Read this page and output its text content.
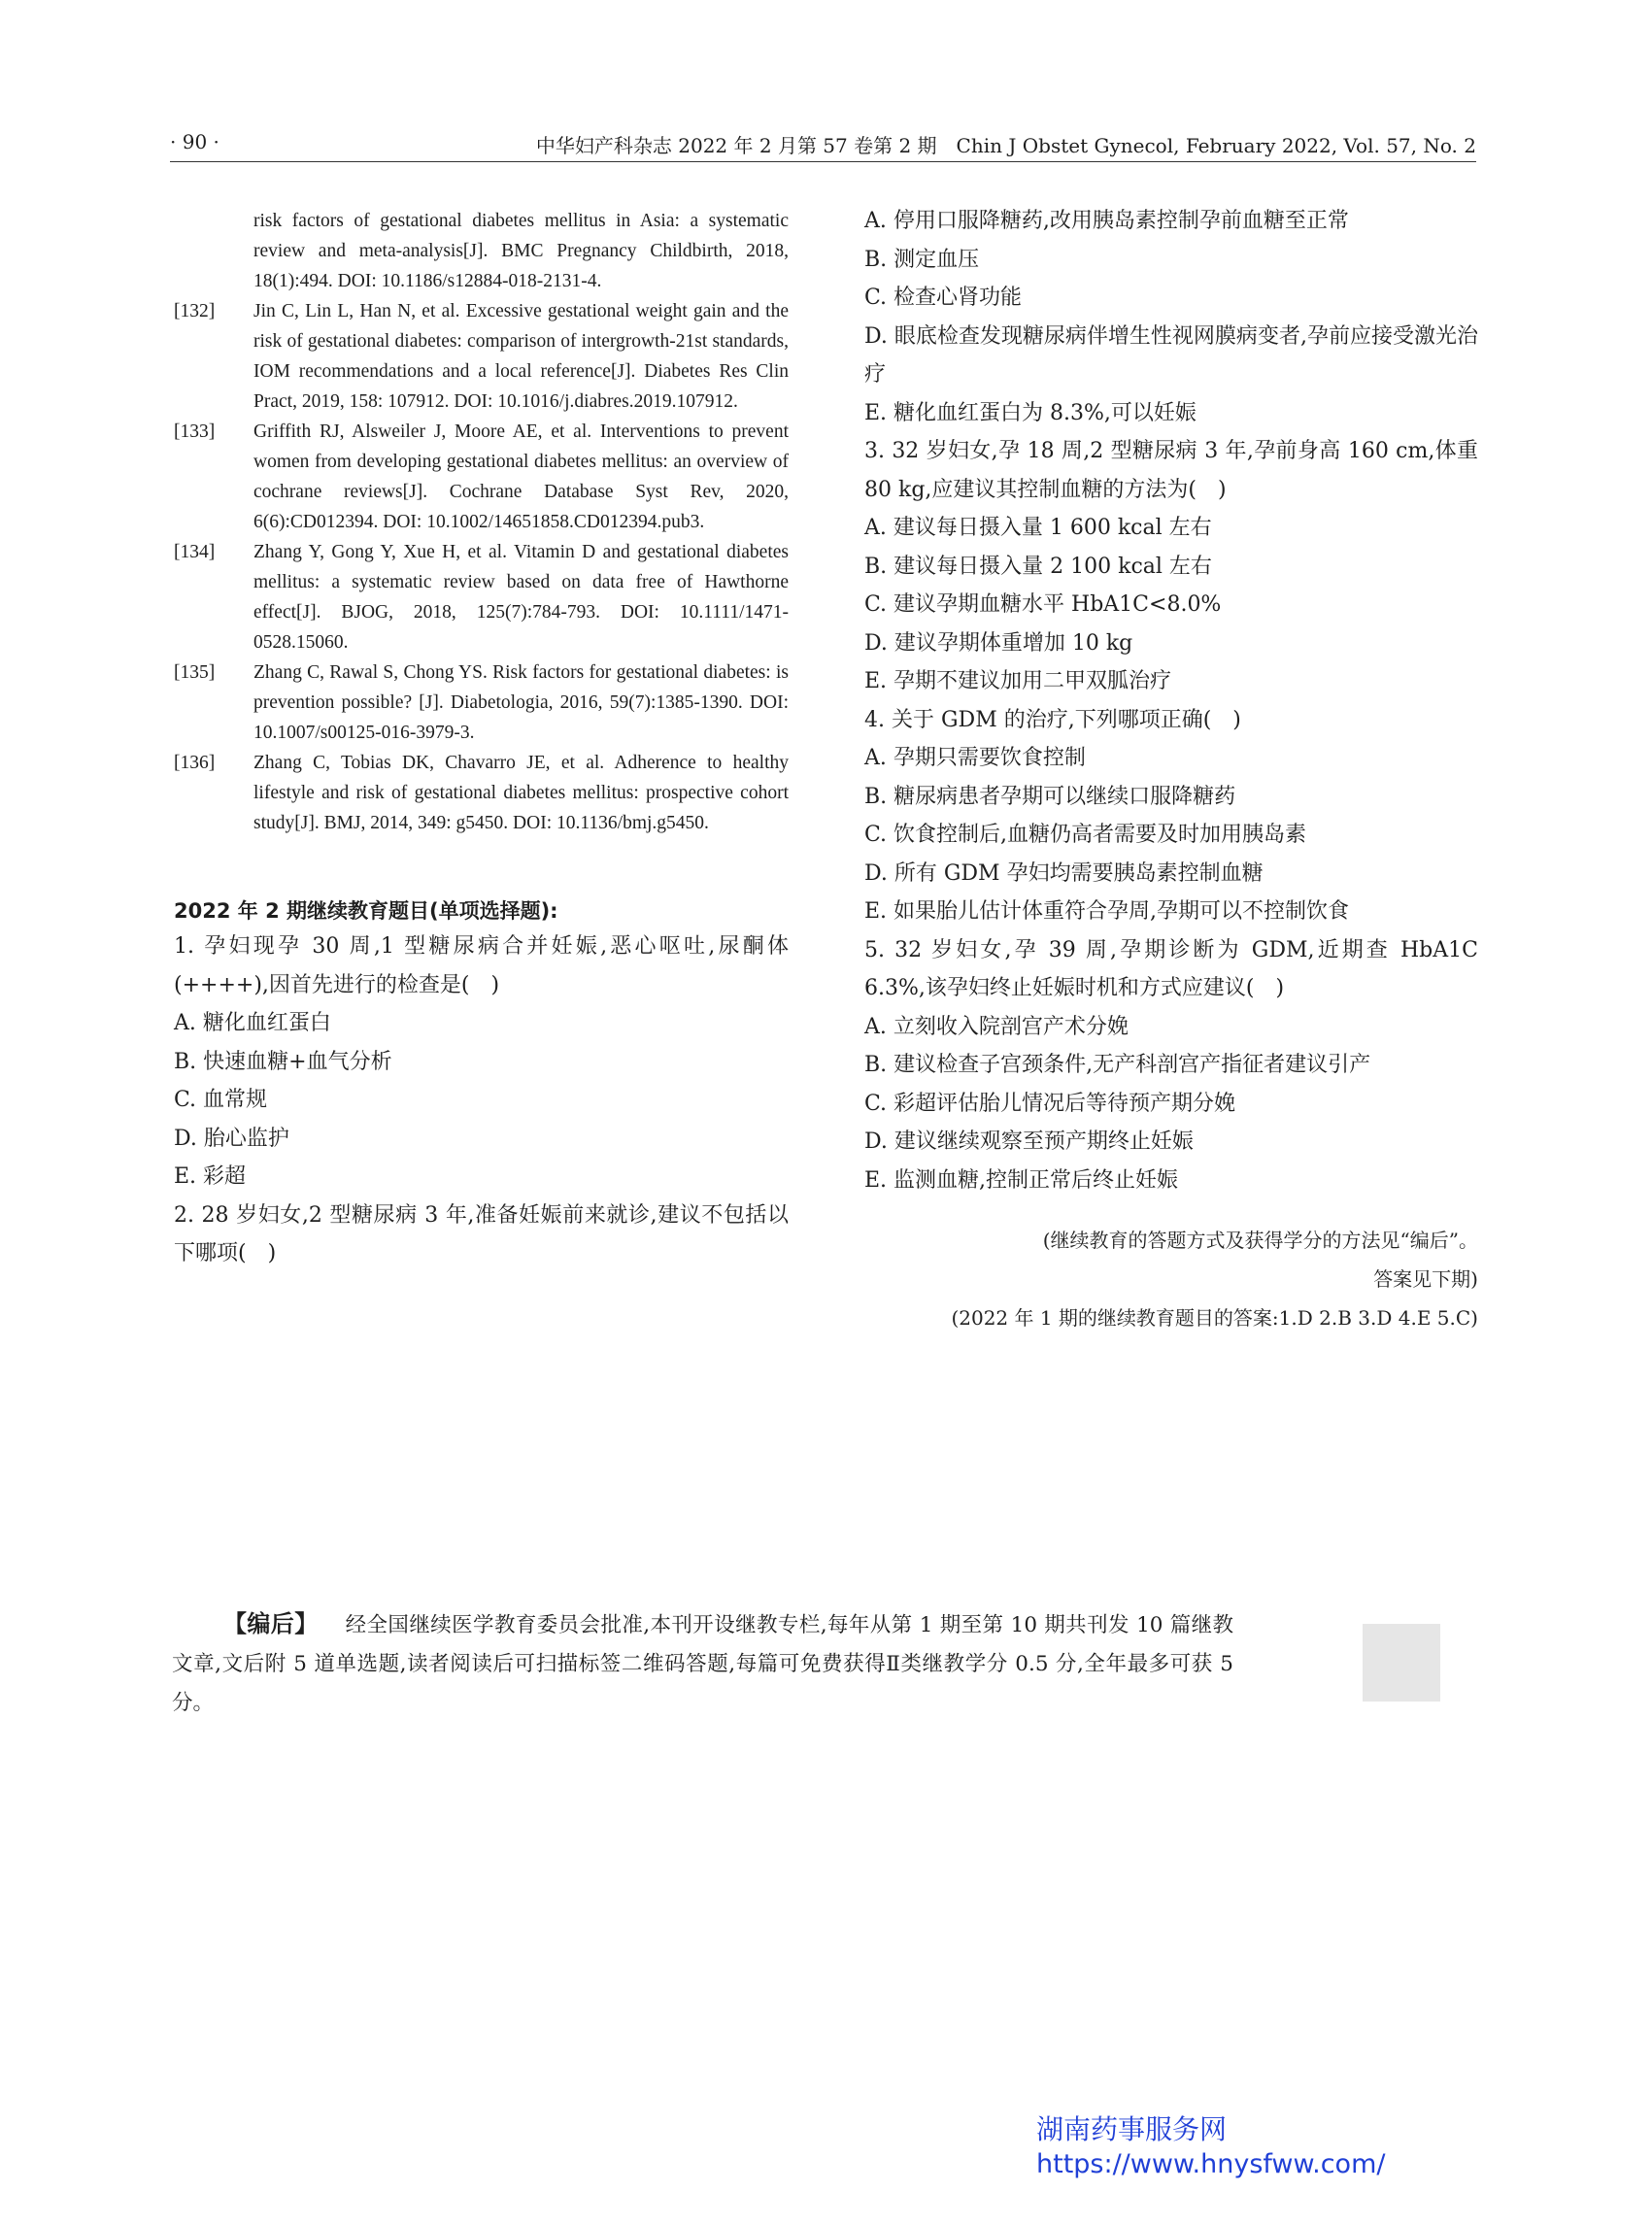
· 90 ·	中华妇产科杂志 2022 年 2 月第 57 卷第 2 期　Chin J Obstet Gynecol, February 2022, Vol. 57, No. 2
risk factors of gestational diabetes mellitus in Asia: a systematic review and meta-analysis[J]. BMC Pregnancy Childbirth, 2018, 18(1):494. DOI: 10.1186/s12884-018-2131-4.
[132] Jin C, Lin L, Han N, et al. Excessive gestational weight gain and the risk of gestational diabetes: comparison of intergrowth-21st standards, IOM recommendations and a local reference[J]. Diabetes Res Clin Pract, 2019, 158: 107912. DOI: 10.1016/j.diabres.2019.107912.
[133] Griffith RJ, Alsweiler J, Moore AE, et al. Interventions to prevent women from developing gestational diabetes mellitus: an overview of cochrane reviews[J]. Cochrane Database Syst Rev, 2020, 6(6):CD012394. DOI: 10.1002/14651858.CD012394.pub3.
[134] Zhang Y, Gong Y, Xue H, et al. Vitamin D and gestational diabetes mellitus: a systematic review based on data free of Hawthorne effect[J]. BJOG, 2018, 125(7):784-793. DOI: 10.1111/1471-0528.15060.
[135] Zhang C, Rawal S, Chong YS. Risk factors for gestational diabetes: is prevention possible? [J]. Diabetologia, 2016, 59(7):1385-1390. DOI: 10.1007/s00125-016-3979-3.
[136] Zhang C, Tobias DK, Chavarro JE, et al. Adherence to healthy lifestyle and risk of gestational diabetes mellitus: prospective cohort study[J]. BMJ, 2014, 349: g5450. DOI: 10.1136/bmj.g5450.
2022 年 2 期继续教育题目(单项选择题):
1. 孕妇现孕 30 周,1 型糖尿病合并妊娠,恶心呕吐,尿酮体(++++),因首先进行的检查是(　)
A. 糖化血红蛋白
B. 快速血糖+血气分析
C. 血常规
D. 胎心监护
E. 彩超
2. 28 岁妇女,2 型糖尿病 3 年,准备妊娠前来就诊,建议不包括以下哪项(　)
A. 停用口服降糖药,改用胰岛素控制孕前血糖至正常
B. 测定血压
C. 检查心肾功能
D. 眼底检查发现糖尿病伴增生性视网膜病变者,孕前应接受激光治疗
E. 糖化血红蛋白为 8.3%,可以妊娠
3. 32 岁妇女,孕 18 周,2 型糖尿病 3 年,孕前身高 160 cm,体重 80 kg,应建议其控制血糖的方法为(　)
A. 建议每日摄入量 1 600 kcal 左右
B. 建议每日摄入量 2 100 kcal 左右
C. 建议孕期血糖水平 HbA1C<8.0%
D. 建议孕期体重增加 10 kg
E. 孕期不建议加用二甲双胍治疗
4. 关于 GDM 的治疗,下列哪项正确(　)
A. 孕期只需要饮食控制
B. 糖尿病患者孕期可以继续口服降糖药
C. 饮食控制后,血糖仍高者需要及时加用胰岛素
D. 所有 GDM 孕妇均需要胰岛素控制血糖
E. 如果胎儿估计体重符合孕周,孕期可以不控制饮食
5. 32 岁妇女,孕 39 周,孕期诊断为 GDM,近期查 HbA1C 6.3%,该孕妇终止妊娠时机和方式应建议(　)
A. 立刻收入院剖宫产术分娩
B. 建议检查子宫颈条件,无产科剖宫产指征者建议引产
C. 彩超评估胎儿情况后等待预产期分娩
D. 建议继续观察至预产期终止妊娠
E. 监测血糖,控制正常后终止妊娠
(继续教育的答题方式及获得学分的方法见“编后”。
答案见下期)
(2022 年 1 期的继续教育题目的答案:1.D 2.B 3.D 4.E 5.C)
【编后】 经全国继续医学教育委员会批准,本刊开设继教专栏,每年从第 1 期至第 10 期共刊发 10 篇继教文章,文后附 5 道单选题,读者阅读后可扫描标签二维码答题,每篇可免费获得Ⅱ类继教学分 0.5 分,全年最多可获 5 分。
湖南药事服务网
https://www.hnysfww.com/
